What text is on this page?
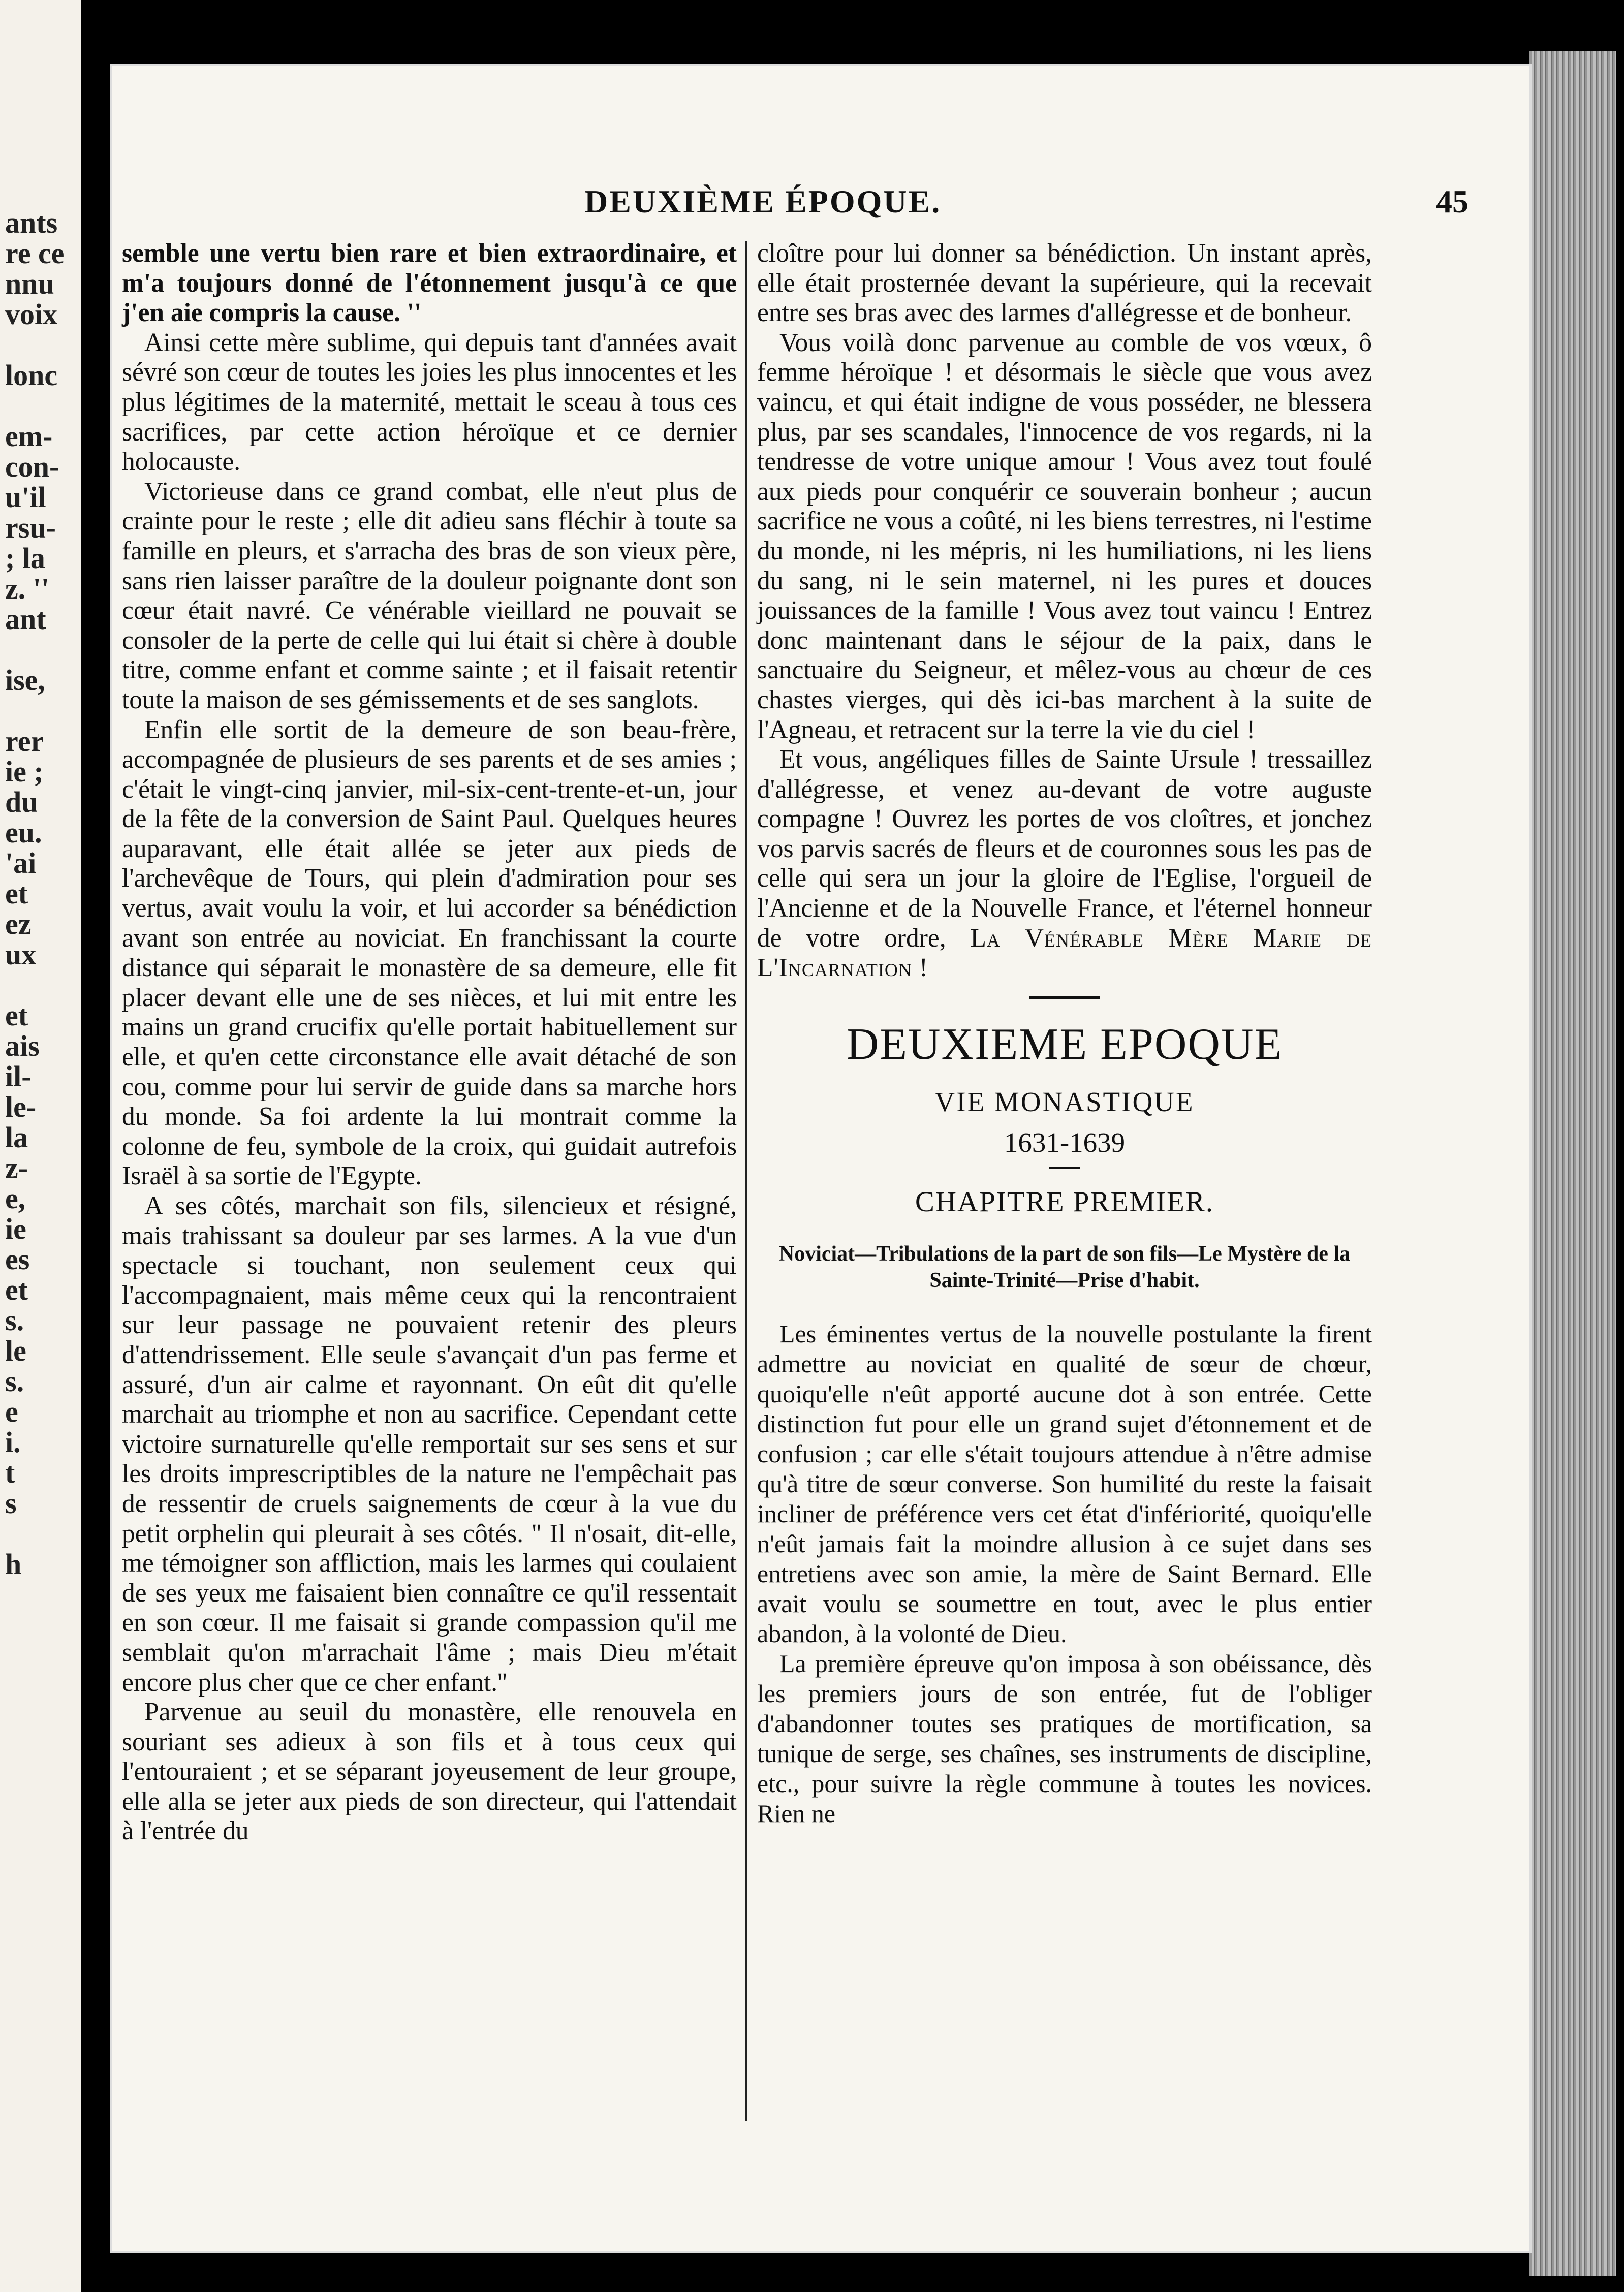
ants
re ce
nnu
voix
lonc
em-
con-
u'il
rsu-
; la
z. ''
ant
ise,
rer
ie ;
du
eu.
'ai
et
ez
ux
et
ais
il-
le-
la
z-
e,
ie
es
et
s.
le
s.
e
i.
t
s
h
DEUXIÈME ÉPOQUE.	45

semble une vertu bien rare et bien extraordinaire, et m'a toujours donné de l'étonnement jusqu'à ce que j'en aie compris la cause. ''

Ainsi cette mère sublime, qui depuis tant d'années avait sévré son cœur de toutes les joies les plus innocentes et les plus légitimes de la maternité, mettait le sceau à tous ces sacrifices, par cette action héroïque et ce dernier holocauste.

Victorieuse dans ce grand combat, elle n'eut plus de crainte pour le reste ; elle dit adieu sans fléchir à toute sa famille en pleurs, et s'arracha des bras de son vieux père, sans rien laisser paraître de la douleur poignante dont son cœur était navré. Ce vénérable vieillard ne pouvait se consoler de la perte de celle qui lui était si chère à double titre, comme enfant et comme sainte ; et il faisait retentir toute la maison de ses gémissements et de ses sanglots.

Enfin elle sortit de la demeure de son beau-frère, accompagnée de plusieurs de ses parents et de ses amies ; c'était le vingt-cinq janvier, mil-six-cent-trente-et-un, jour de la fête de la conversion de Saint Paul. Quelques heures auparavant, elle était allée se jeter aux pieds de l'archevêque de Tours, qui plein d'admiration pour ses vertus, avait voulu la voir, et lui accorder sa bénédiction avant son entrée au noviciat. En franchissant la courte distance qui séparait le monastère de sa demeure, elle fit placer devant elle une de ses nièces, et lui mit entre les mains un grand crucifix qu'elle portait habituellement sur elle, et qu'en cette circonstance elle avait détaché de son cou, comme pour lui servir de guide dans sa marche hors du monde. Sa foi ardente la lui montrait comme la colonne de feu, symbole de la croix, qui guidait autrefois Israël à sa sortie de l'Egypte.

A ses côtés, marchait son fils, silencieux et résigné, mais trahissant sa douleur par ses larmes. A la vue d'un spectacle si touchant, non seulement ceux qui l'accompagnaient, mais même ceux qui la rencontraient sur leur passage ne pouvaient retenir des pleurs d'attendrissement. Elle seule s'avançait d'un pas ferme et assuré, d'un air calme et rayonnant. On eût dit qu'elle marchait au triomphe et non au sacrifice. Cependant cette victoire surnaturelle qu'elle remportait sur ses sens et sur les droits imprescriptibles de la nature ne l'empêchait pas de ressentir de cruels saignements de cœur à la vue du petit orphelin qui pleurait à ses côtés. '' Il n'osait, dit-elle, me témoigner son affliction, mais les larmes qui coulaient de ses yeux me faisaient bien connaître ce qu'il ressentait en son cœur. Il me faisait si grande compassion qu'il me semblait qu'on m'arrachait l'âme ; mais Dieu m'était encore plus cher que ce cher enfant.''

Parvenue au seuil du monastère, elle renouvela en souriant ses adieux à son fils et à tous ceux qui l'entouraient ; et se séparant joyeusement de leur groupe, elle alla se jeter aux pieds de son directeur, qui l'attendait à l'entrée du

cloître pour lui donner sa bénédiction. Un instant après, elle était prosternée devant la supérieure, qui la recevait entre ses bras avec des larmes d'allégresse et de bonheur.

Vous voilà donc parvenue au comble de vos vœux, ô femme héroïque ! et désormais le siècle que vous avez vaincu, et qui était indigne de vous posséder, ne blessera plus, par ses scandales, l'innocence de vos regards, ni la tendresse de votre unique amour ! Vous avez tout foulé aux pieds pour conquérir ce souverain bonheur ; aucun sacrifice ne vous a coûté, ni les biens terrestres, ni l'estime du monde, ni les mépris, ni les humiliations, ni les liens du sang, ni le sein maternel, ni les pures et douces jouissances de la famille ! Vous avez tout vaincu ! Entrez donc maintenant dans le séjour de la paix, dans le sanctuaire du Seigneur, et mêlez-vous au chœur de ces chastes vierges, qui dès ici-bas marchent à la suite de l'Agneau, et retracent sur la terre la vie du ciel !

Et vous, angéliques filles de Sainte Ursule ! tressaillez d'allégresse, et venez au-devant de votre auguste compagne ! Ouvrez les portes de vos cloîtres, et jonchez vos parvis sacrés de fleurs et de couronnes sous les pas de celle qui sera un jour la gloire de l'Eglise, l'orgueil de l'Ancienne et de la Nouvelle France, et l'éternel honneur de votre ordre, La Vénérable Mère Marie de L'Incarnation !

DEUXIEME EPOQUE
VIE MONASTIQUE
1631-1639
CHAPITRE PREMIER.
Noviciat—Tribulations de la part de son fils—Le Mystère de la Sainte-Trinité—Prise d'habit.

Les éminentes vertus de la nouvelle postulante la firent admettre au noviciat en qualité de sœur de chœur, quoiqu'elle n'eût apporté aucune dot à son entrée. Cette distinction fut pour elle un grand sujet d'étonnement et de confusion ; car elle s'était toujours attendue à n'être admise qu'à titre de sœur converse. Son humilité du reste la faisait incliner de préférence vers cet état d'infériorité, quoiqu'elle n'eût jamais fait la moindre allusion à ce sujet dans ses entretiens avec son amie, la mère de Saint Bernard. Elle avait voulu se soumettre en tout, avec le plus entier abandon, à la volonté de Dieu.

La première épreuve qu'on imposa à son obéissance, dès les premiers jours de son entrée, fut de l'obliger d'abandonner toutes ses pratiques de mortification, sa tunique de serge, ses chaînes, ses instruments de discipline, etc., pour suivre la règle commune à toutes les novices. Rien ne
